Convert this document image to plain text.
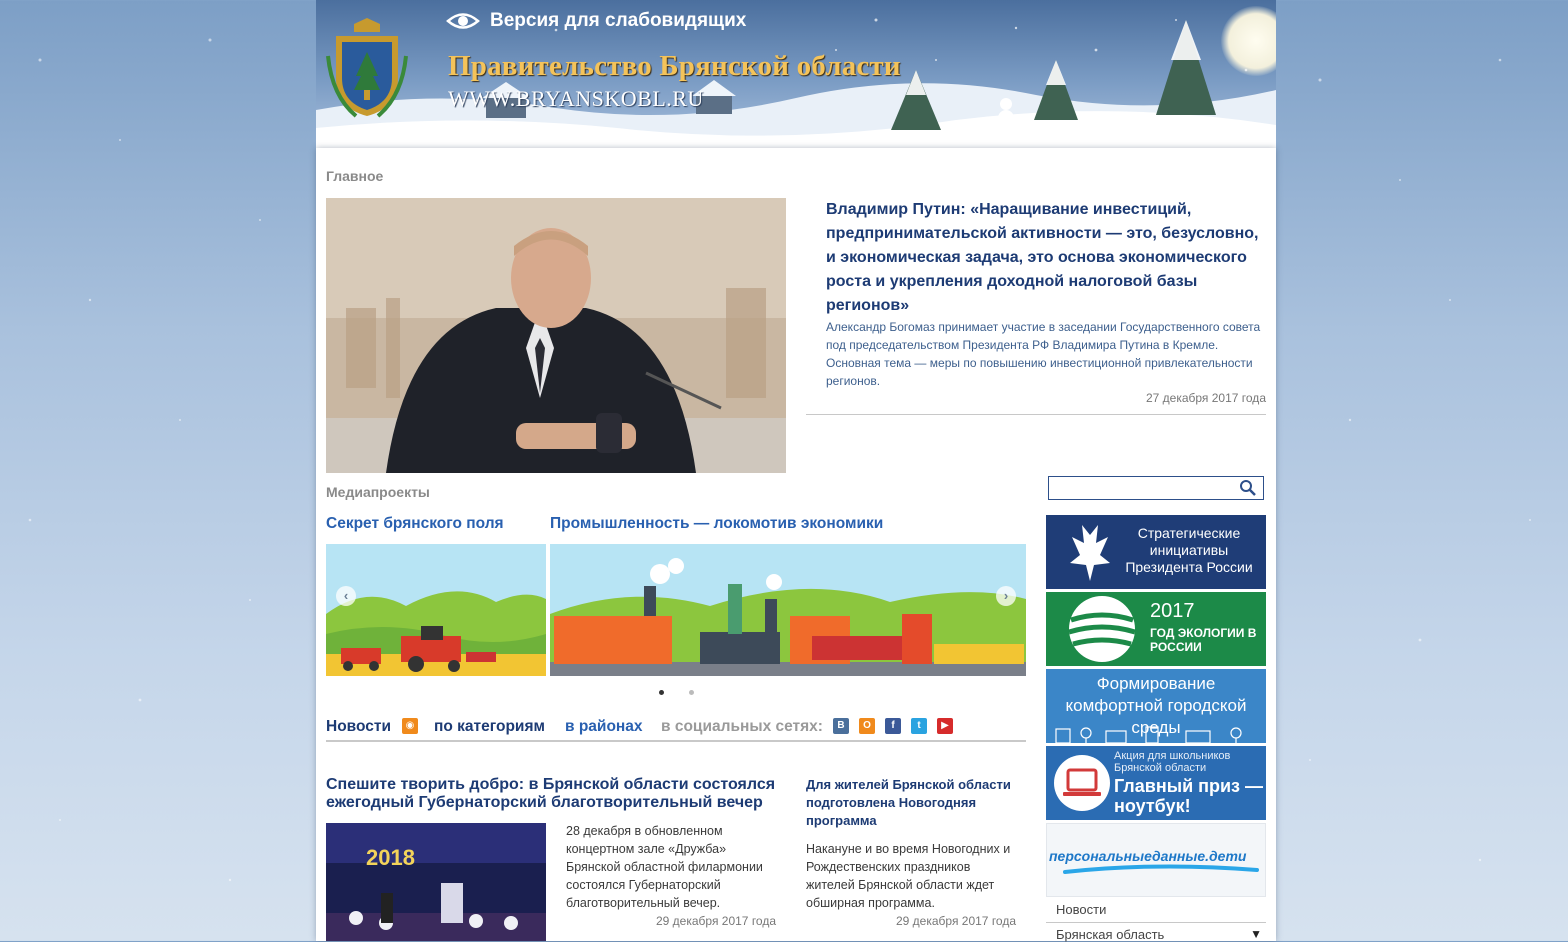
Версия для слабовидящих
Правительство Брянской области
WWW.BRYANSKOBL.RU
Главное
Владимир Путин: «Наращивание инвестиций, предпринимательской активности — это, безусловно, и экономическая задача, это основа экономического роста и укрепления доходной налоговой базы регионов»
Александр Богомаз принимает участие в заседании Государственного совета под председательством Президента РФ Владимира Путина в Кремле. Основная тема — меры по повышению инвестиционной привлекательности регионов.
27 декабря 2017 года
Медиапроекты
Секрет брянского поля	Промышленность — локомотив экономики
‹	›
Новости	по категориям в районах в социальных сетях:
◉	B	O	f	t	▶
Спешите творить добро: в Брянской области состоялся ежегодный Губернаторский благотворительный вечер
2018
28 декабря в обновленном концертном зале «Дружба» Брянской областной филармонии состоялся Губернаторский благотворительный вечер.
29 декабря 2017 года
Для жителей Брянской области подготовлена Новогодняя программа
Накануне и во время Новогодних и Рождественских праздников жителей Брянской области ждет обширная программа.
29 декабря 2017 года
Стратегические инициативы Президента России
2017
ГОД ЭКОЛОГИИ В РОССИИ
Формирование комфортной городской среды
Акция для школьников Брянской области
Главный приз — ноутбук!
персональныеданные.дети
Новости
Брянская область	▼
